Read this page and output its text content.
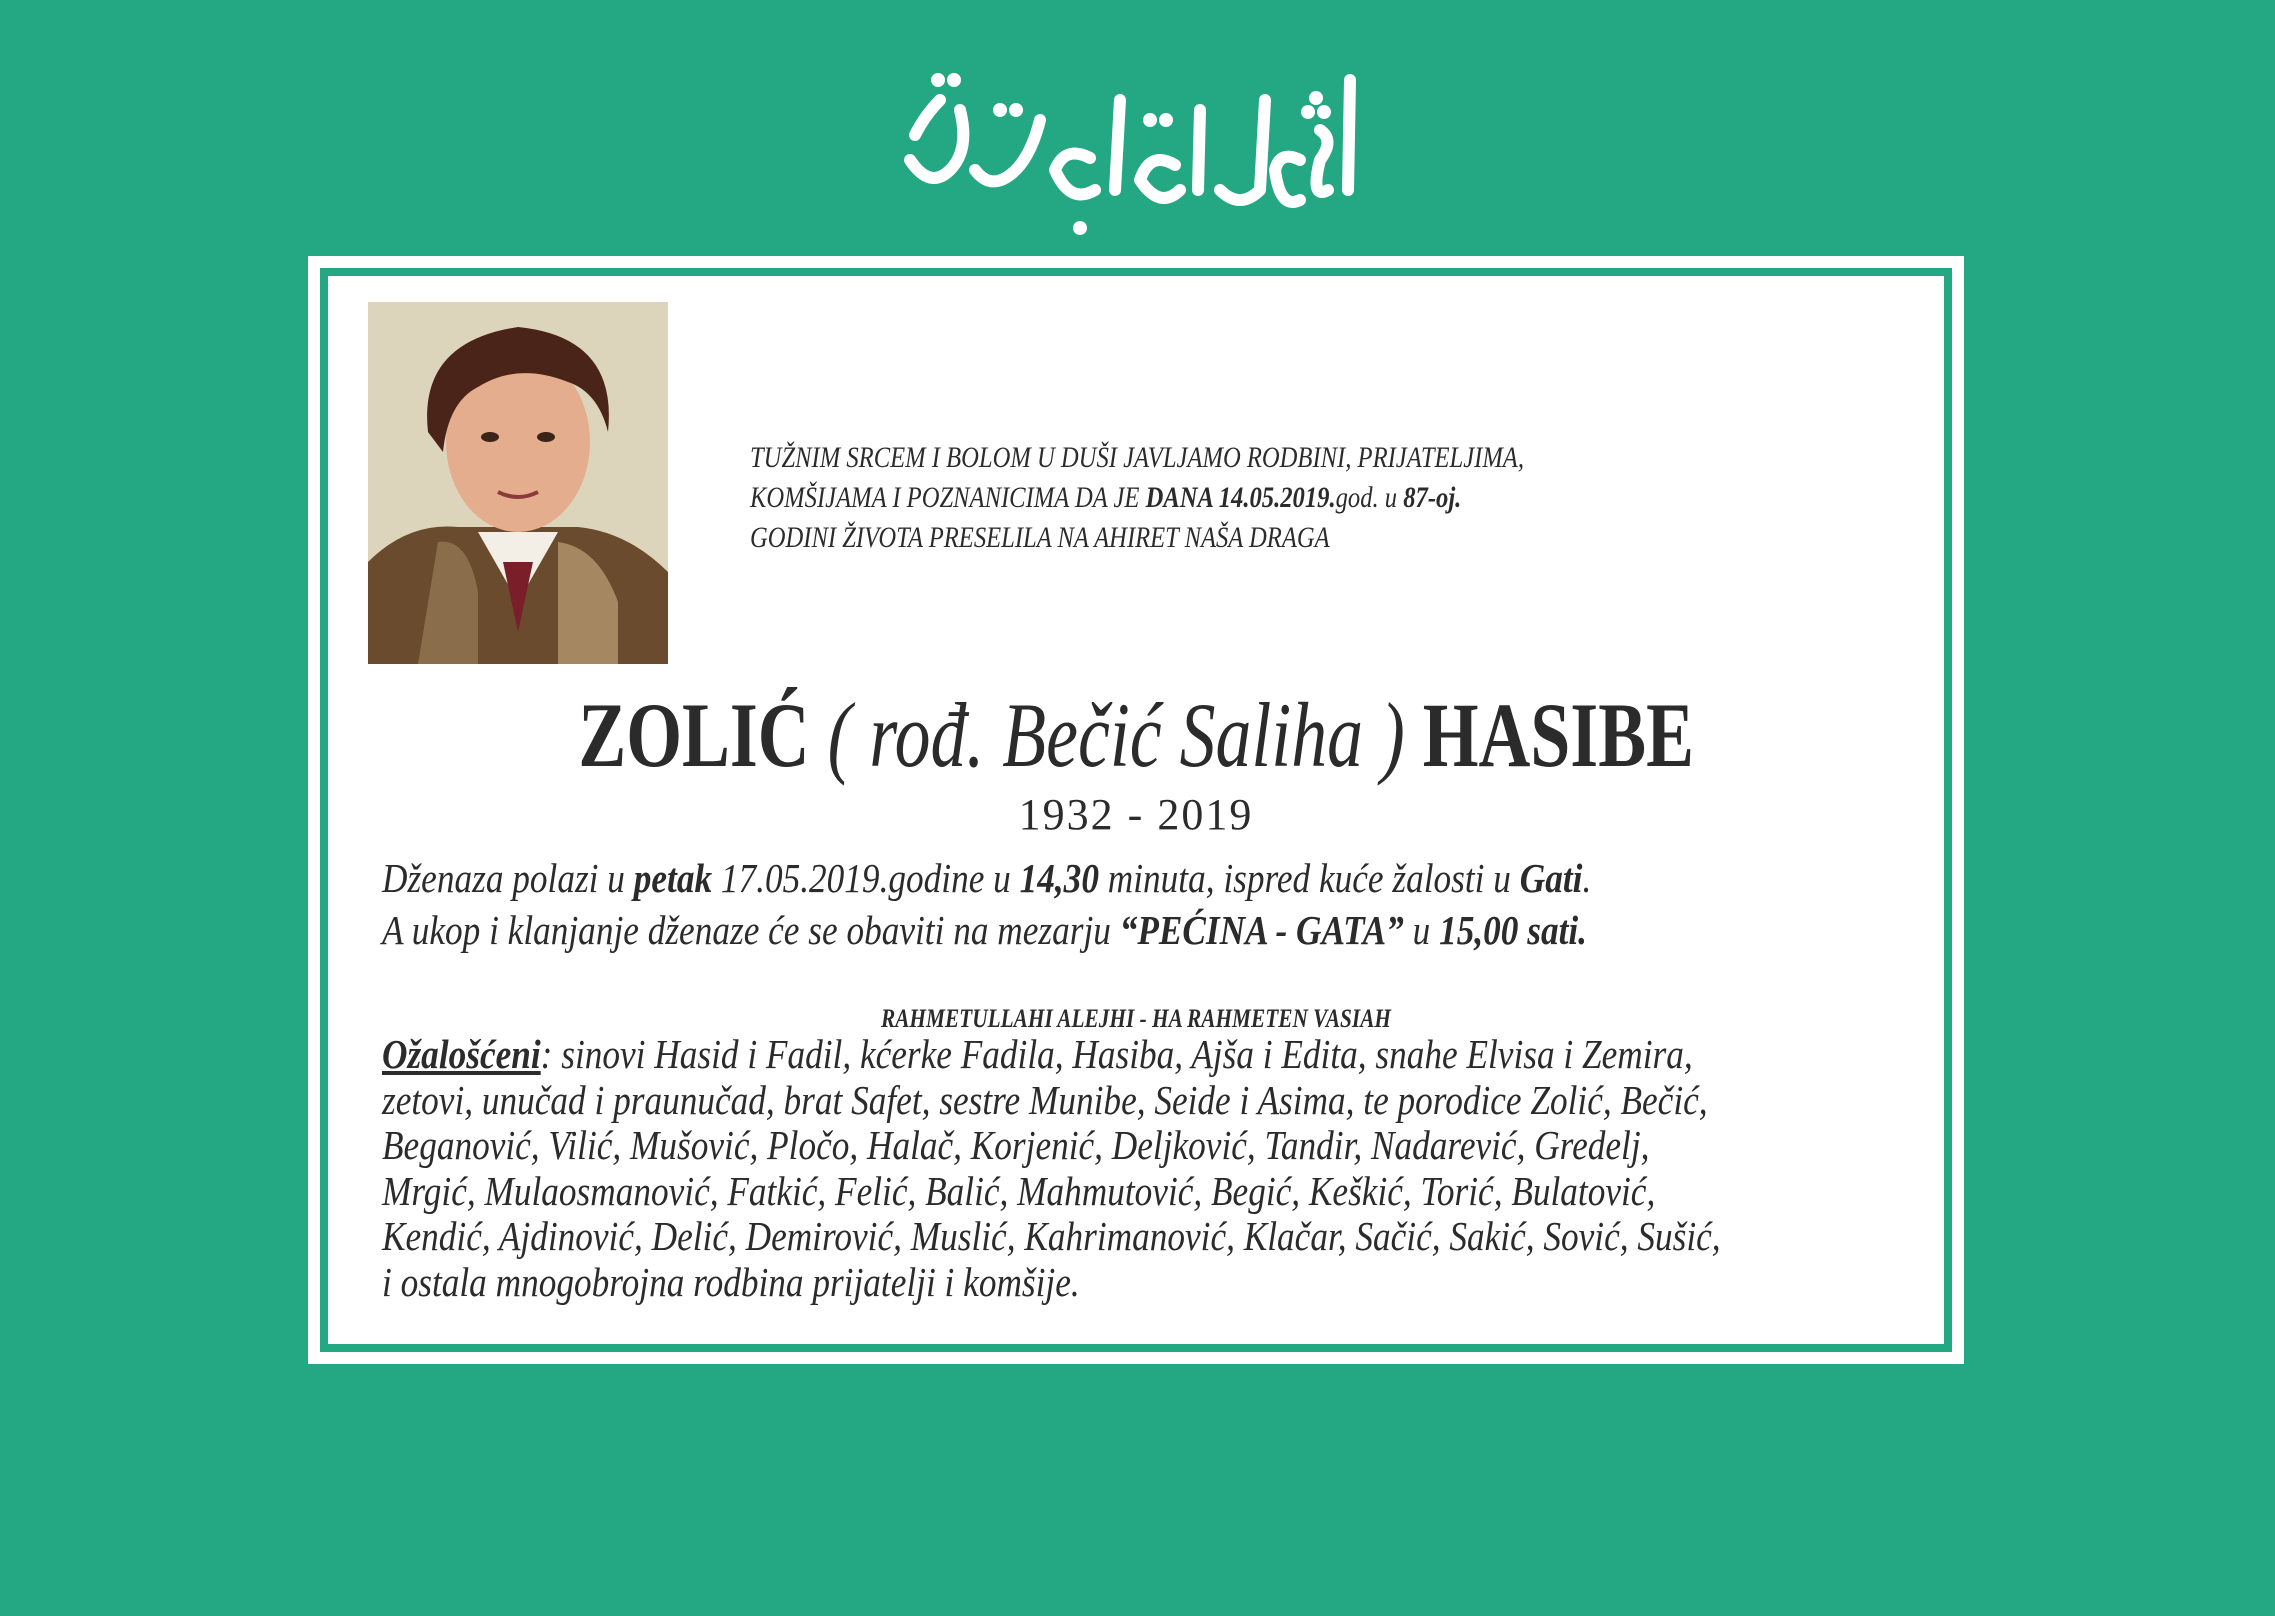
TUŽNIM SRCEM I BOLOM U DUŠI JAVLJAMO RODBINI, PRIJATELJIMA,
KOMŠIJAMA I POZNANICIMA DA JE DANA 14.05.2019.god. u 87-oj.
GODINI ŽIVOTA PRESELILA NA AHIRET NAŠA DRAGA
ZOLIĆ ( rođ. Bečić Saliha ) HASIBE
1932 - 2019
Dženaza polazi u petak 17.05.2019.godine u 14,30 minuta, ispred kuće žalosti u Gati.
A ukop i klanjanje dženaze će se obaviti na mezarju “PEĆINA - GATA” u 15,00 sati.
RAHMETULLAHI ALEJHI - HA RAHMETEN VASIAH
Ožalošćeni: sinovi Hasid i Fadil, kćerke Fadila, Hasiba, Ajša i Edita, snahe Elvisa i Zemira,
zetovi, unučad i praunučad, brat Safet, sestre Munibe, Seide i Asima, te porodice Zolić, Bečić,
Beganović, Vilić, Mušović, Pločo, Halač, Korjenić, Deljković, Tandir, Nadarević, Gredelj,
Mrgić, Mulaosmanović, Fatkić, Felić, Balić, Mahmutović, Begić, Keškić, Torić, Bulatović,
Kendić, Ajdinović, Delić, Demirović, Muslić, Kahrimanović, Klačar, Sačić, Sakić, Sović, Sušić,
i ostala mnogobrojna rodbina prijatelji i komšije.
